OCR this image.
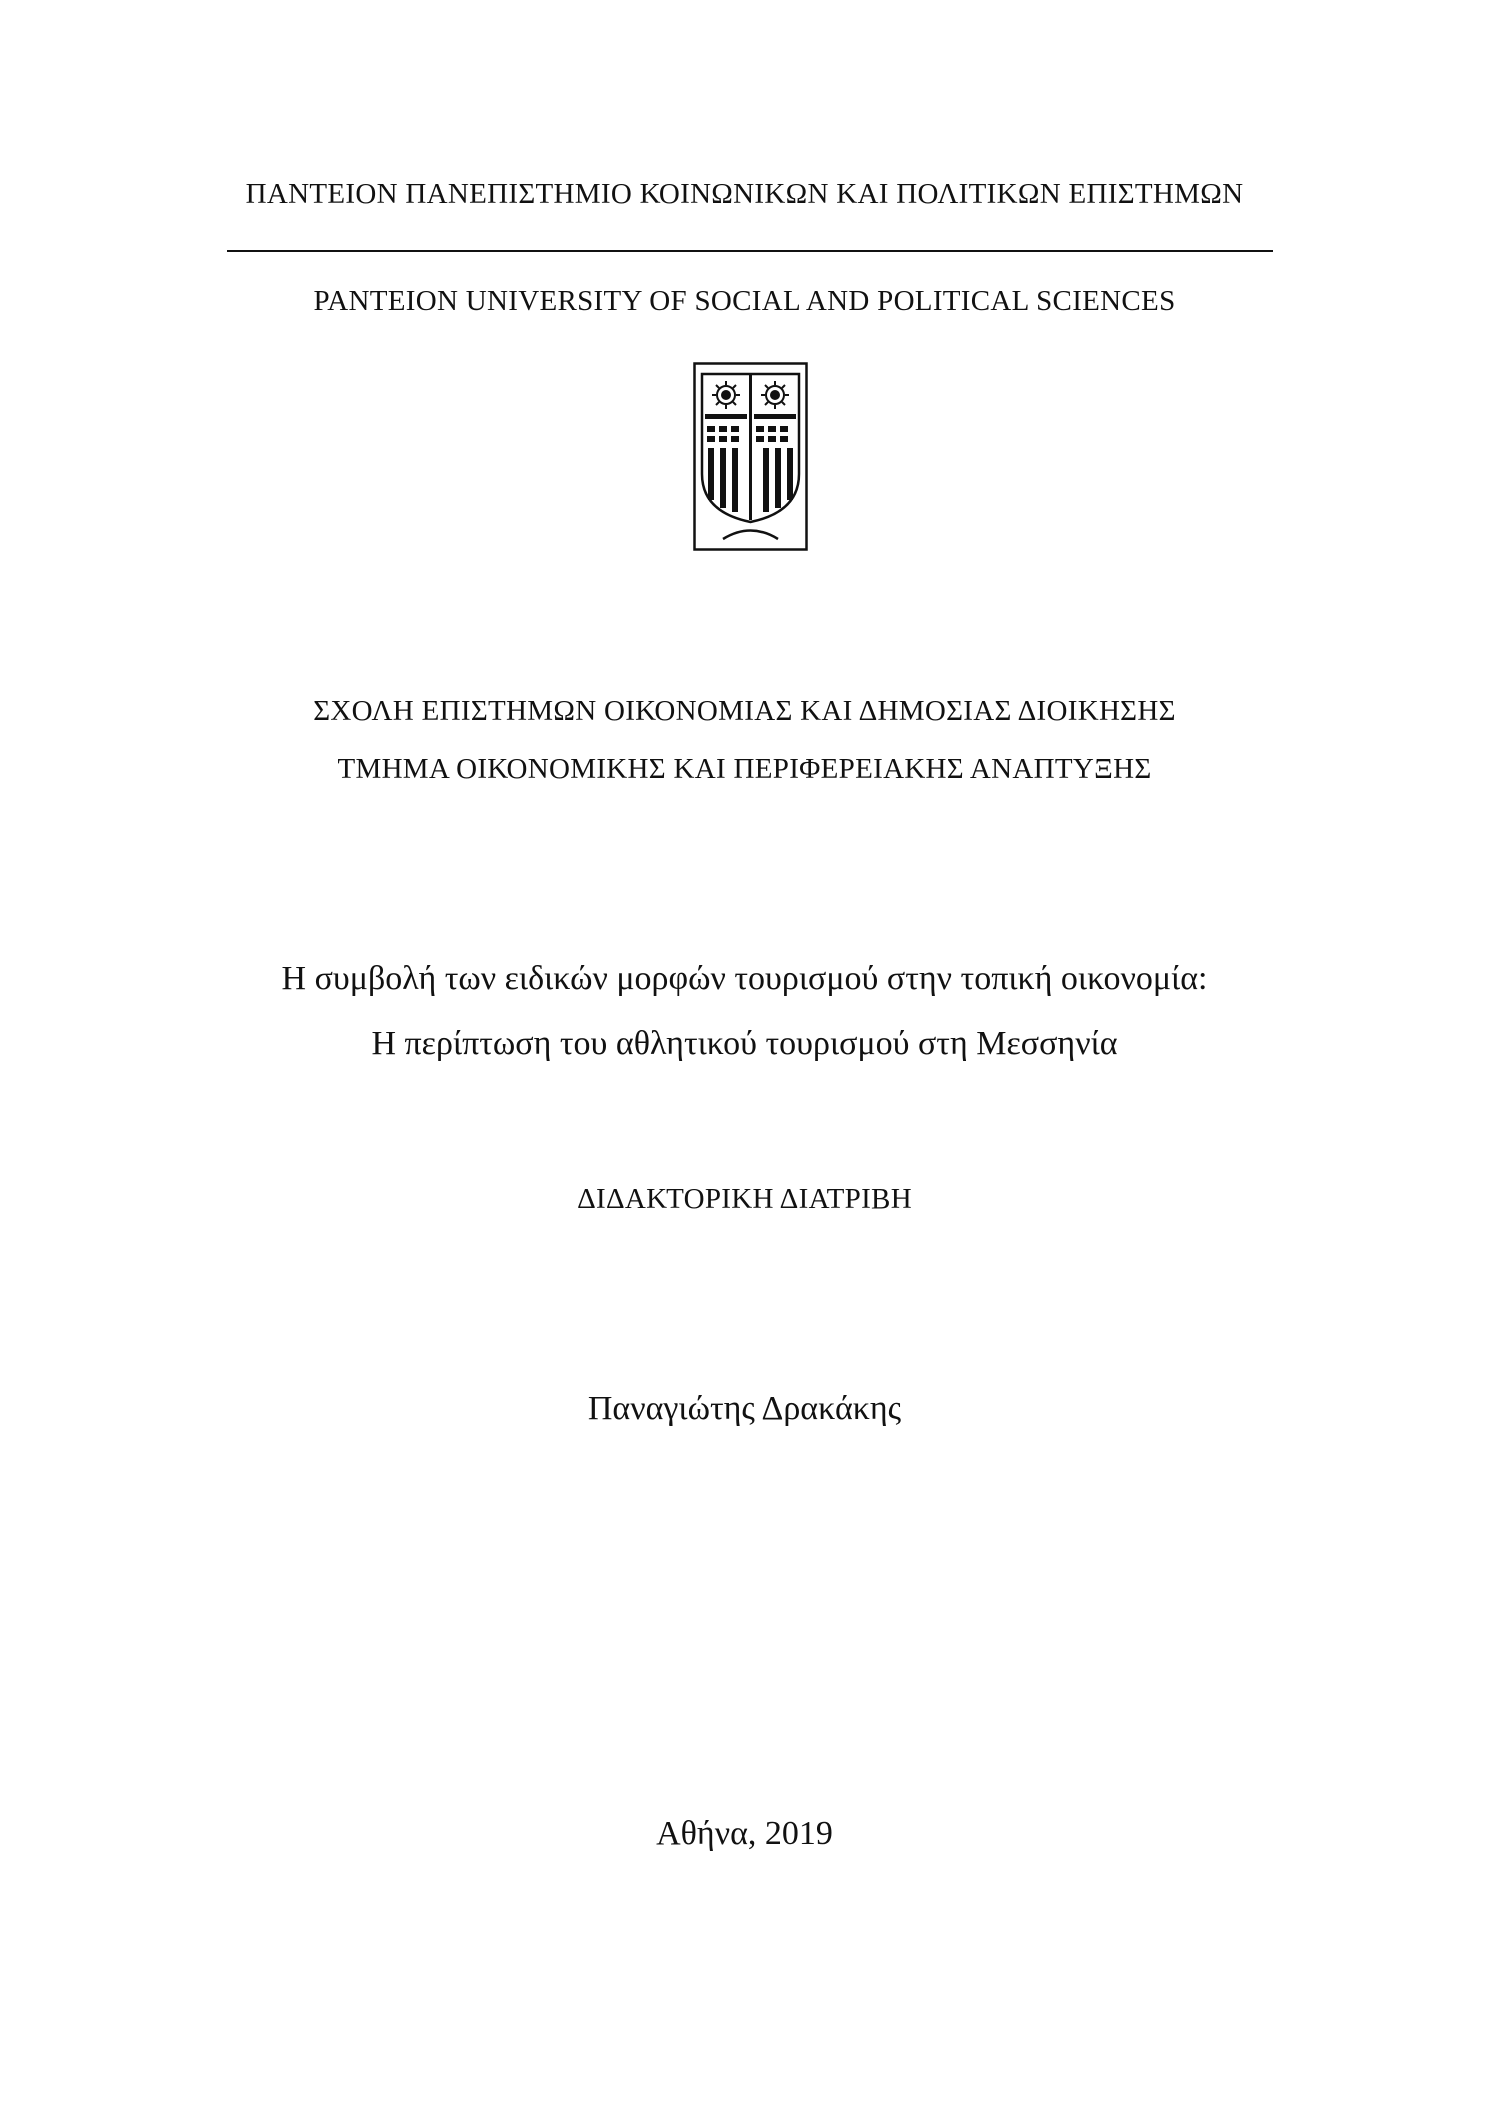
ΠΑΝΤΕΙΟΝ ΠΑΝΕΠΙΣΤΗΜΙΟ ΚΟΙΝΩΝΙΚΩΝ ΚΑΙ ΠΟΛΙΤΙΚΩΝ ΕΠΙΣΤΗΜΩΝ

PANTEION UNIVERSITY OF SOCIAL AND POLITICAL SCIENCES

ΣΧΟΛΗ ΕΠΙΣΤΗΜΩΝ ΟΙΚΟΝΟΜΙΑΣ ΚΑΙ ΔΗΜΟΣΙΑΣ ΔΙΟΙΚΗΣΗΣ

ΤΜΗΜΑ ΟΙΚΟΝΟΜΙΚΗΣ ΚΑΙ ΠΕΡΙΦΕΡΕΙΑΚΗΣ ΑΝΑΠΤΥΞΗΣ

Η συμβολή των ειδικών μορφών τουρισμού στην τοπική οικονομία:

Η περίπτωση του αθλητικού τουρισμού στη Μεσσηνία

ΔΙΔΑΚΤΟΡΙΚΗ ΔΙΑΤΡΙΒΗ

Παναγιώτης Δρακάκης

Αθήνα, 2019
